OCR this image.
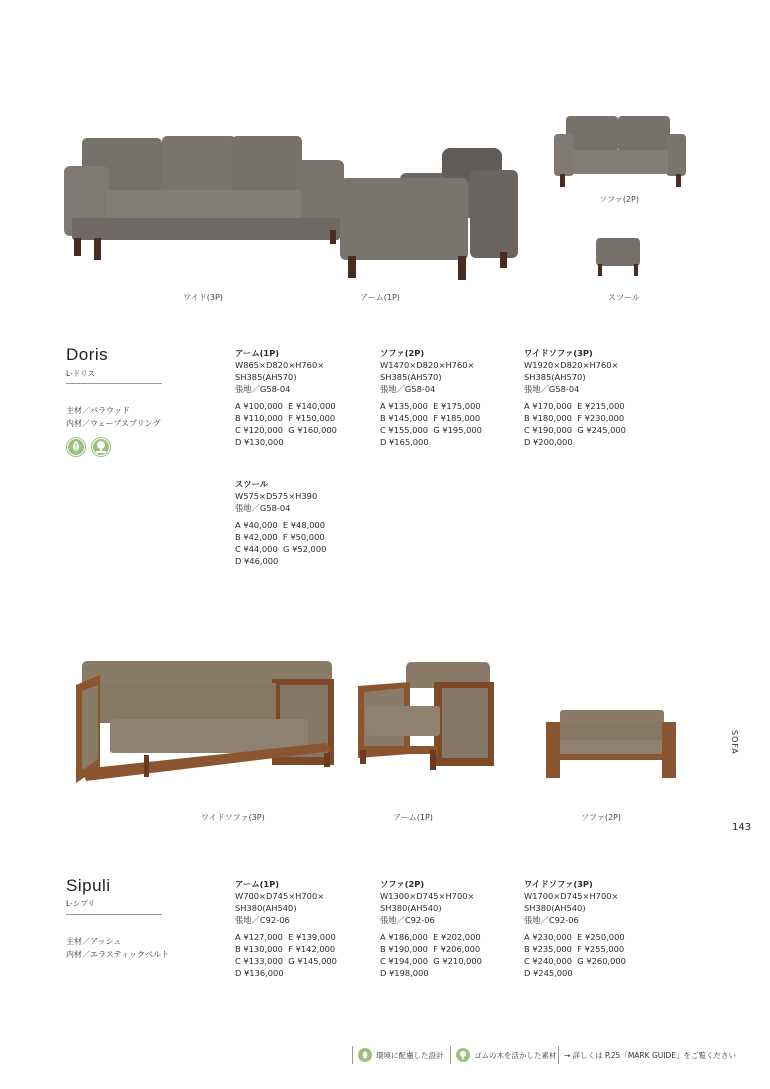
ワイド(3P)	アーム(1P)
ソファ(2P)
スツール
Doris
L-ドリス
主材／パラウッド
内材／ウェーブスプリング
アーム(1P)
W865×D820×H760×
SH385(AH570)
張地／G58-04
A ¥100,000  E ¥140,000
B ¥110,000  F ¥150,000
C ¥120,000  G ¥160,000
D ¥130,000
ソファ(2P)
W1470×D820×H760×
SH385(AH570)
張地／G58-04
A ¥135,000  E ¥175,000
B ¥145,000  F ¥185,000
C ¥155,000  G ¥195,000
D ¥165,000
ワイドソファ(3P)
W1920×D820×H760×
SH385(AH570)
張地／G58-04
A ¥170,000  E ¥215,000
B ¥180,000  F ¥230,000
C ¥190,000  G ¥245,000
D ¥200,000
スツール
W575×D575×H390
張地／G58-04
A ¥40,000  E ¥48,000
B ¥42,000  F ¥50,000
C ¥44,000  G ¥52,000
D ¥46,000
ワイドソファ(3P)	アーム(1P)	ソファ(2P)
SOFA
143
Sipuli
L-シプリ
主材／アッシュ
内材／エラスティックベルト
アーム(1P)
W700×D745×H700×
SH380(AH540)
張地／C92-06
A ¥127,000  E ¥139,000
B ¥130,000  F ¥142,000
C ¥133,000  G ¥145,000
D ¥136,000
ソファ(2P)
W1300×D745×H700×
SH380(AH540)
張地／C92-06
A ¥186,000  E ¥202,000
B ¥190,000  F ¥206,000
C ¥194,000  G ¥210,000
D ¥198,000
ワイドソファ(3P)
W1700×D745×H700×
SH380(AH540)
張地／C92-06
A ¥230,000  E ¥250,000
B ¥235,000  F ¥255,000
C ¥240,000  G ¥260,000
D ¥245,000
環境に配慮した設計	ゴムの木を活かした素材 → 詳しくは P.25「MARK GUIDE」をご覧ください
